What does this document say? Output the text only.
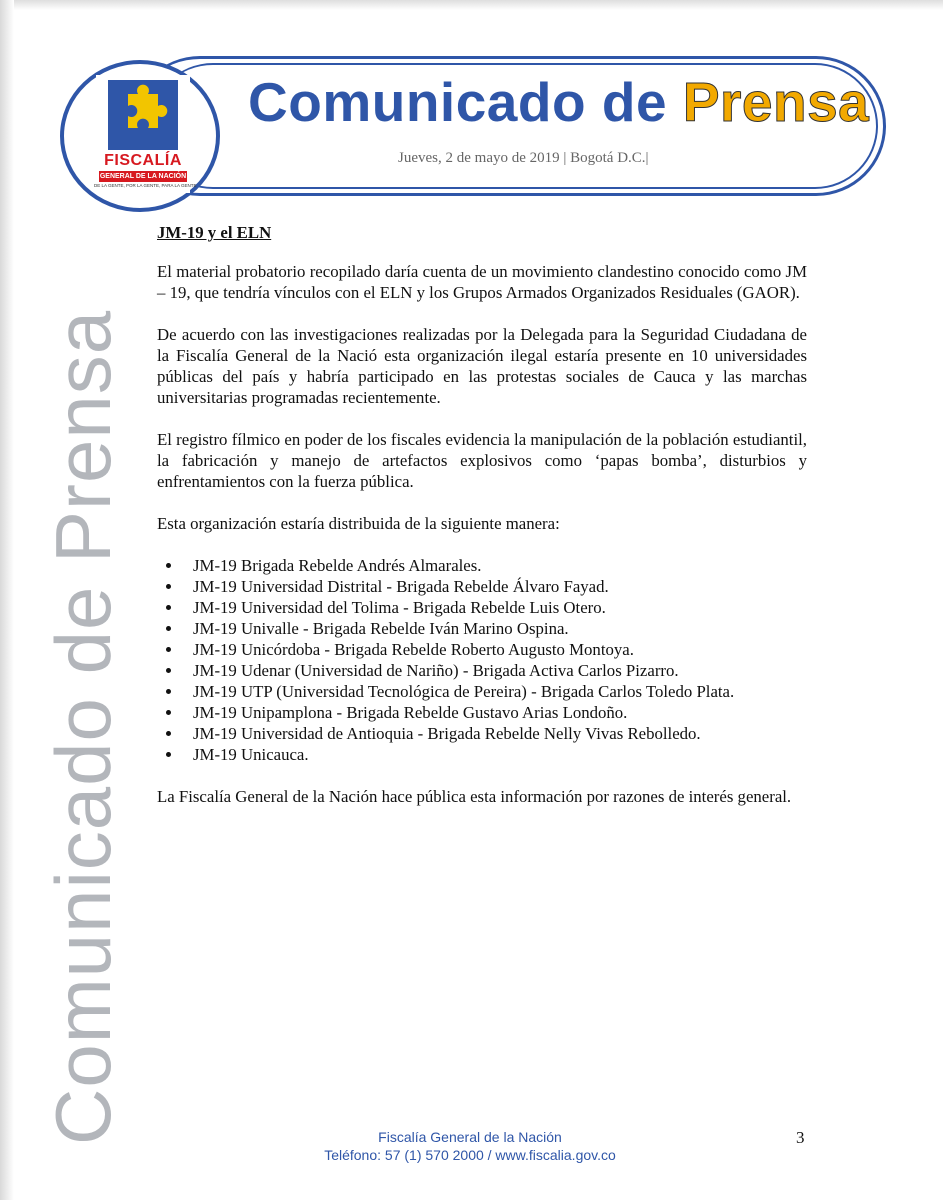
FISCALÍA
GENERAL DE LA NACIÓN
DE LA GENTE, POR LA GENTE, PARA LA GENTE
Comunicado de Prensa
Jueves, 2 de mayo de 2019 | Bogotá D.C.|
Comunicado de Prensa
JM-19 y el ELN

El material probatorio recopilado daría cuenta de un movimiento clandestino conocido como JM – 19, que tendría vínculos con el ELN y los Grupos Armados Organizados Residuales (GAOR).

De acuerdo con las investigaciones realizadas por la Delegada para la Seguridad Ciudadana de la Fiscalía General de la Nació esta organización ilegal estaría presente en 10 universidades públicas del país y habría participado en las protestas sociales de Cauca y las marchas universitarias programadas recientemente.

El registro fílmico en poder de los fiscales evidencia la manipulación de la población estudiantil, la fabricación y manejo de artefactos explosivos como ‘papas bomba’, disturbios y enfrentamientos con la fuerza pública.

Esta organización estaría distribuida de la siguiente manera:

• JM-19 Brigada Rebelde Andrés Almarales.
• JM-19 Universidad Distrital - Brigada Rebelde Álvaro Fayad.
• JM-19 Universidad del Tolima - Brigada Rebelde Luis Otero.
• JM-19 Univalle - Brigada Rebelde Iván Marino Ospina.
• JM-19 Unicórdoba - Brigada Rebelde Roberto Augusto Montoya.
• JM-19 Udenar (Universidad de Nariño) - Brigada Activa Carlos Pizarro.
• JM-19 UTP (Universidad Tecnológica de Pereira) - Brigada Carlos Toledo Plata.
• JM-19 Unipamplona - Brigada Rebelde Gustavo Arias Londoño.
• JM-19 Universidad de Antioquia - Brigada Rebelde Nelly Vivas Rebolledo.
• JM-19 Unicauca.

La Fiscalía General de la Nación hace pública esta información por razones de interés general.

Fiscalía General de la Nación
Teléfono: 57 (1) 570 2000 / www.fiscalia.gov.co
3
